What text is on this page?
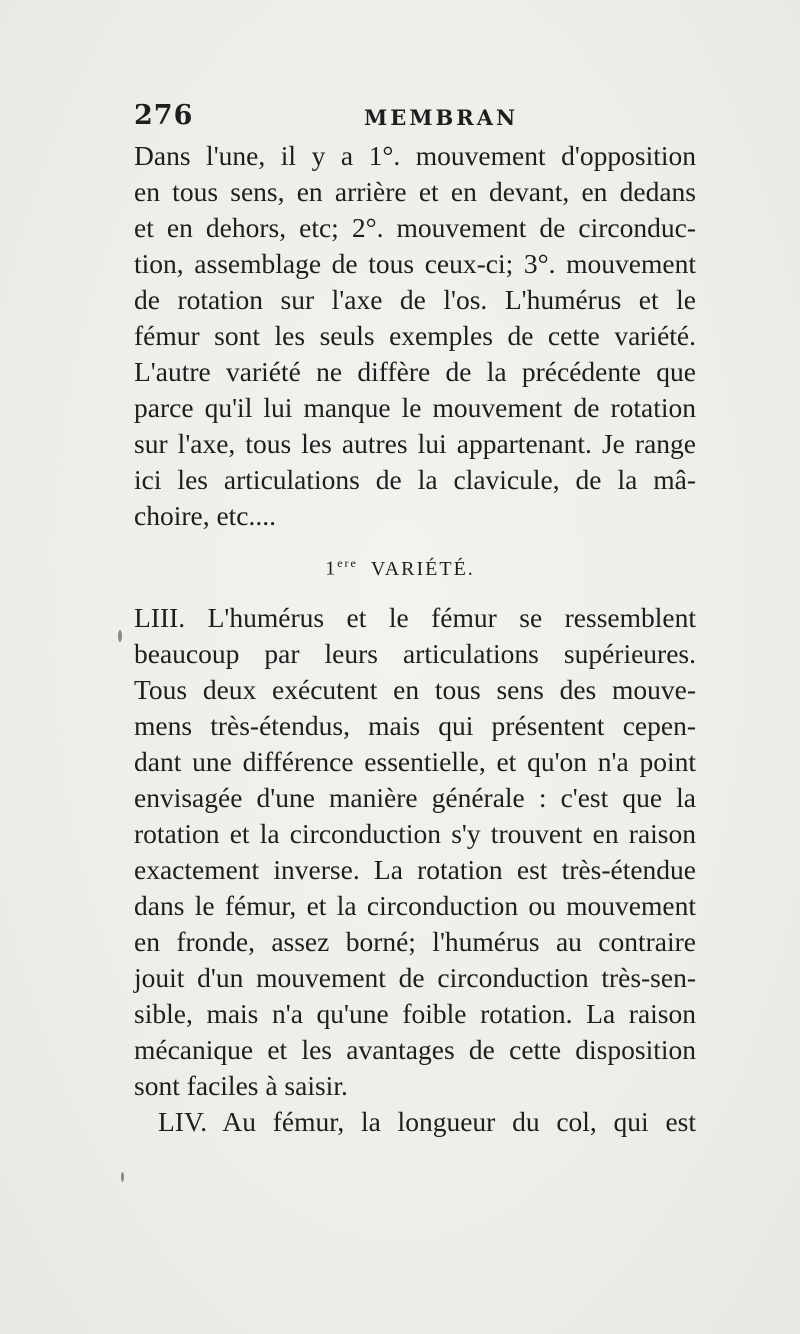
276	MEMBRAN
Dans l'une, il y a 1°. mouvement d'opposition
en tous sens, en arrière et en devant, en dedans
et en dehors, etc; 2°. mouvement de circonduc-
tion, assemblage de tous ceux-ci; 3°. mouvement
de rotation sur l'axe de l'os. L'humérus et le
fémur sont les seuls exemples de cette variété.
L'autre variété ne diffère de la précédente que
parce qu'il lui manque le mouvement de rotation
sur l'axe, tous les autres lui appartenant. Je range
ici les articulations de la clavicule, de la mâ-
choire, etc....
1ere VARIÉTÉ.
LIII. L'humérus et le fémur se ressemblent
beaucoup par leurs articulations supérieures.
Tous deux exécutent en tous sens des mouve-
mens très-étendus, mais qui présentent cepen-
dant une différence essentielle, et qu'on n'a point
envisagée d'une manière générale : c'est que la
rotation et la circonduction s'y trouvent en raison
exactement inverse. La rotation est très-étendue
dans le fémur, et la circonduction ou mouvement
en fronde, assez borné; l'humérus au contraire
jouit d'un mouvement de circonduction très-sen-
sible, mais n'a qu'une foible rotation. La raison
mécanique et les avantages de cette disposition
sont faciles à saisir.
LIV. Au fémur, la longueur du col, qui est
